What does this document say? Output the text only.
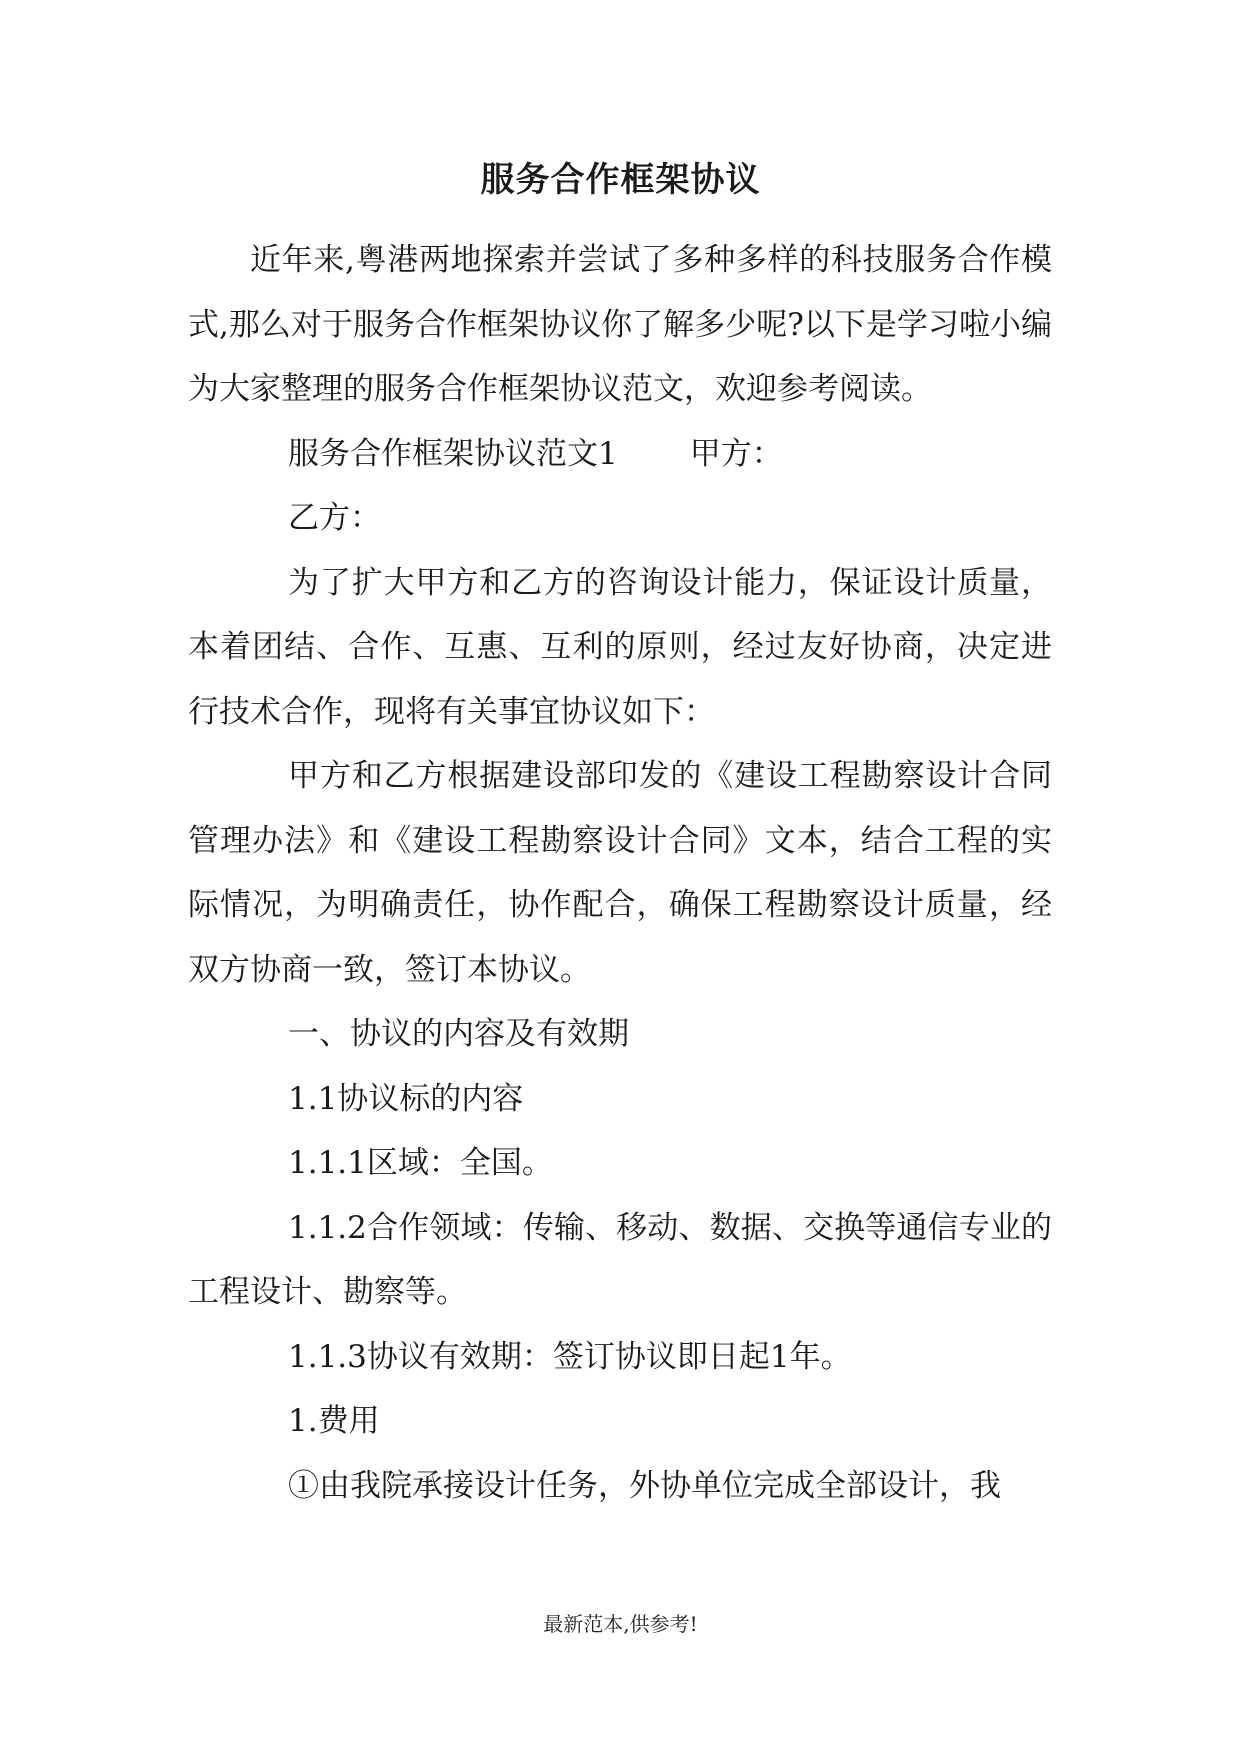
服务合作框架协议

近年来,粤港两地探索并尝试了多种多样的科技服务合作模式,那么对于服务合作框架协议你了解多少呢?以下是学习啦小编为大家整理的服务合作框架协议范文，欢迎参考阅读。

服务合作框架协议范文1 甲方：

乙方：

为了扩大甲方和乙方的咨询设计能力，保证设计质量，本着团结、合作、互惠、互利的原则，经过友好协商，决定进行技术合作，现将有关事宜协议如下：

甲方和乙方根据建设部印发的《建设工程勘察设计合同管理办法》和《建设工程勘察设计合同》文本，结合工程的实际情况，为明确责任，协作配合，确保工程勘察设计质量，经双方协商一致，签订本协议。

一、协议的内容及有效期

1.1协议标的内容

1.1.1区域：全国。

1.1.2合作领域：传输、移动、数据、交换等通信专业的工程设计、勘察等。

1.1.3协议有效期：签订协议即日起1年。

1.费用

①由我院承接设计任务，外协单位完成全部设计，我

最新范本,供参考!
